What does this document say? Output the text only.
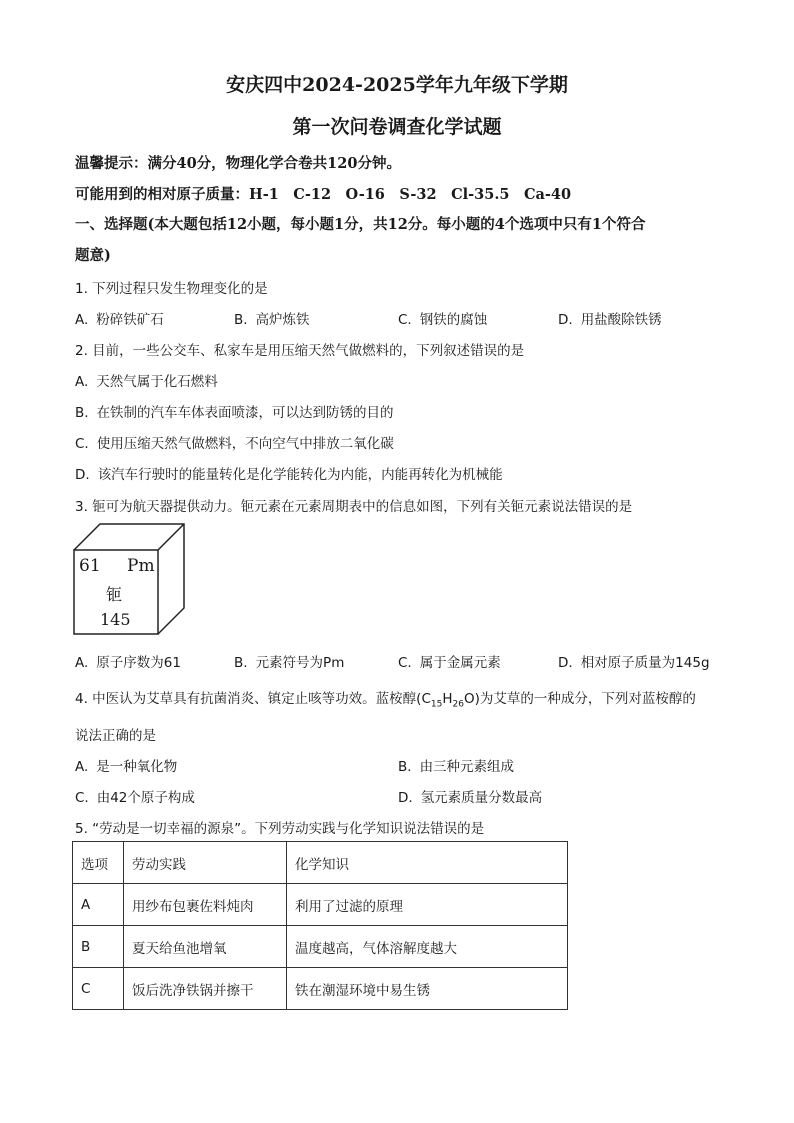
安庆四中2024-2025学年九年级下学期
第一次问卷调查化学试题
温馨提示：满分40分，物理化学合卷共120分钟。
可能用到的相对原子质量：H-1　C-12　O-16　S-32　Cl-35.5　Ca-40
一、选择题(本大题包括12小题，每小题1分，共12分。每小题的4个选项中只有1个符合
题意)
1. 下列过程只发生物理变化的是
A. 粉碎铁矿石	B. 高炉炼铁	C. 钢铁的腐蚀	D. 用盐酸除铁锈
2. 目前，一些公交车、私家车是用压缩天然气做燃料的，下列叙述错误的是
A. 天然气属于化石燃料
B. 在铁制的汽车车体表面喷漆，可以达到防锈的目的
C. 使用压缩天然气做燃料，不向空气中排放二氧化碳
D. 该汽车行驶时的能量转化是化学能转化为内能，内能再转化为机械能
3. 钷可为航天器提供动力。钷元素在元素周期表中的信息如图，下列有关钷元素说法错误的是
61 Pm
钷
145
A. 原子序数为61	B. 元素符号为Pm	C. 属于金属元素	D. 相对原子质量为145g
4. 中医认为艾草具有抗菌消炎、镇定止咳等功效。蓝桉醇$(C_{15}H_{26}O)$为艾草的一种成分，下列对蓝桉醇的
说法正确的是
A. 是一种氧化物	B. 由三种元素组成
C. 由42个原子构成	D. 氢元素质量分数最高
5. “劳动是一切幸福的源泉”。下列劳动实践与化学知识说法错误的是
选项	劳动实践	化学知识
A	用纱布包裹佐料炖肉	利用了过滤的原理
B	夏天给鱼池增氧	温度越高，气体溶解度越大
C	饭后洗净铁锅并擦干	铁在潮湿环境中易生锈
